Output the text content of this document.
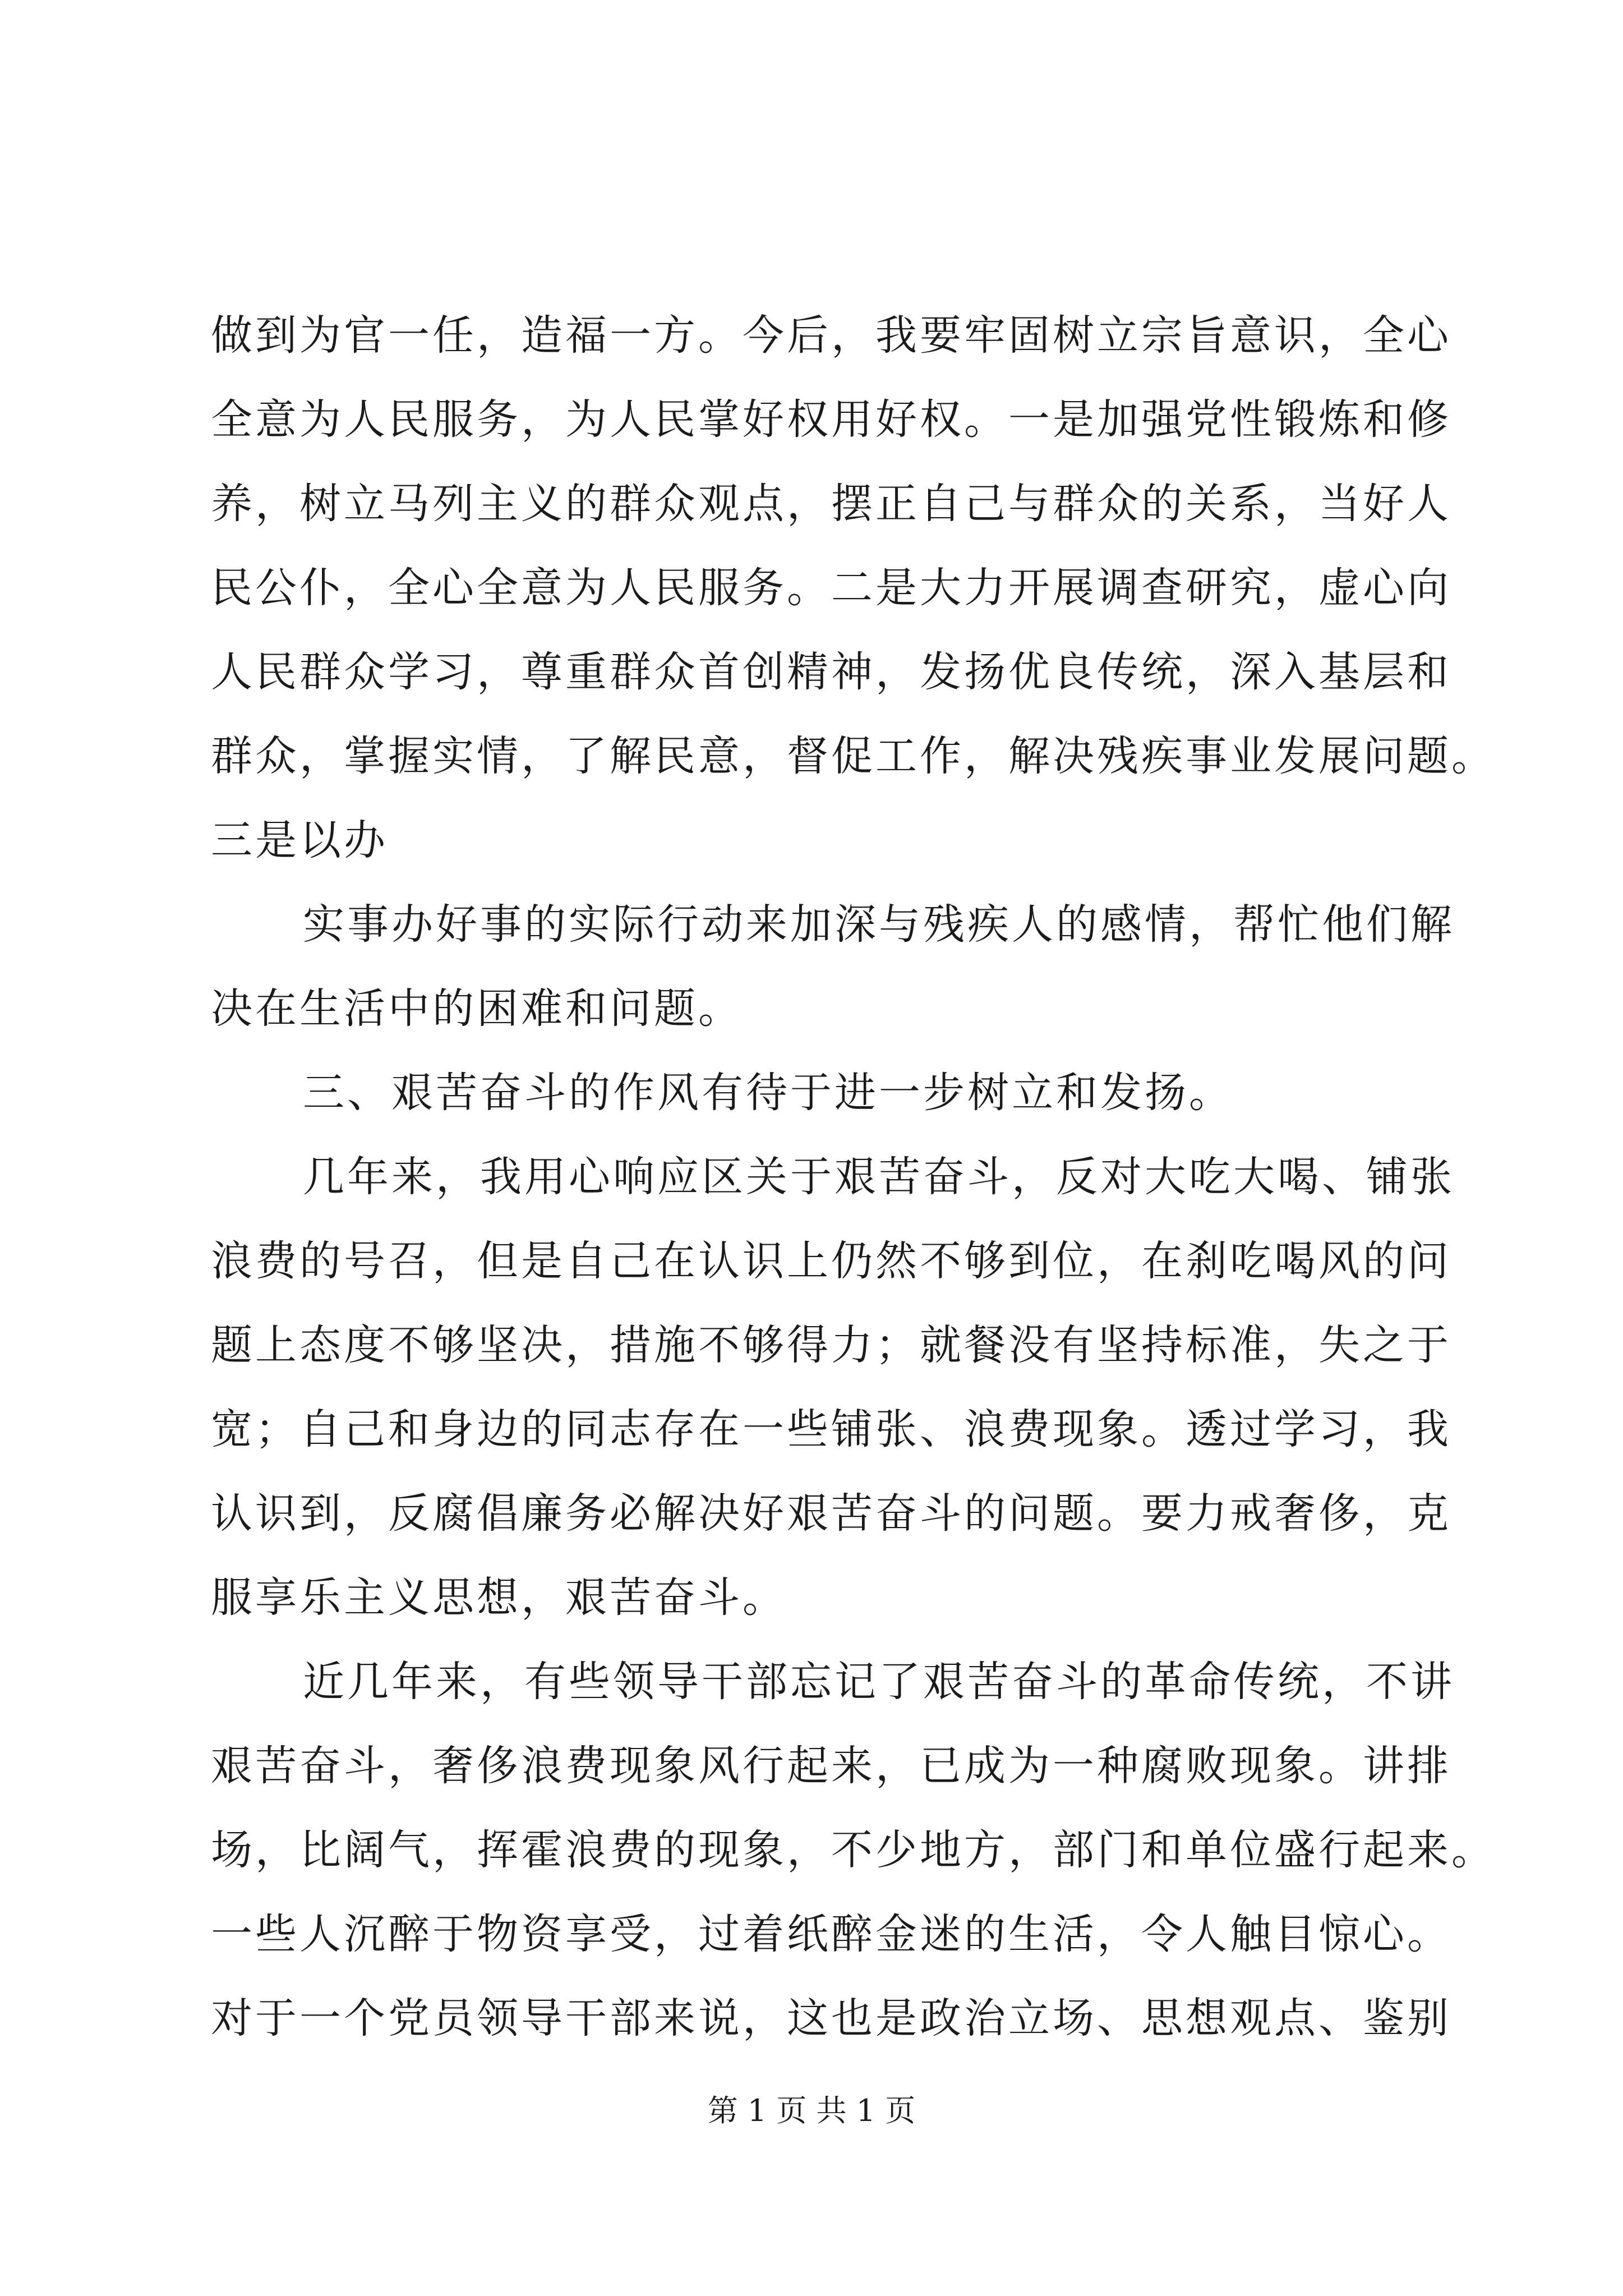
做到为官一任，造福一方。今后，我要牢固树立宗旨意识，全心
全意为人民服务，为人民掌好权用好权。一是加强党性锻炼和修
养，树立马列主义的群众观点，摆正自己与群众的关系，当好人
民公仆，全心全意为人民服务。二是大力开展调查研究，虚心向
人民群众学习，尊重群众首创精神，发扬优良传统，深入基层和
群众，掌握实情，了解民意，督促工作，解决残疾事业发展问题。
三是以办
实事办好事的实际行动来加深与残疾人的感情，帮忙他们解
决在生活中的困难和问题。
三、艰苦奋斗的作风有待于进一步树立和发扬。
几年来，我用心响应区关于艰苦奋斗，反对大吃大喝、铺张
浪费的号召，但是自己在认识上仍然不够到位，在刹吃喝风的问
题上态度不够坚决，措施不够得力；就餐没有坚持标准，失之于
宽；自己和身边的同志存在一些铺张、浪费现象。透过学习，我
认识到，反腐倡廉务必解决好艰苦奋斗的问题。要力戒奢侈，克
服享乐主义思想，艰苦奋斗。
近几年来，有些领导干部忘记了艰苦奋斗的革命传统，不讲
艰苦奋斗，奢侈浪费现象风行起来，已成为一种腐败现象。讲排
场，比阔气，挥霍浪费的现象，不少地方，部门和单位盛行起来。
一些人沉醉于物资享受，过着纸醉金迷的生活，令人触目惊心。
对于一个党员领导干部来说，这也是政治立场、思想观点、鉴别
第 1 页 共 1 页
